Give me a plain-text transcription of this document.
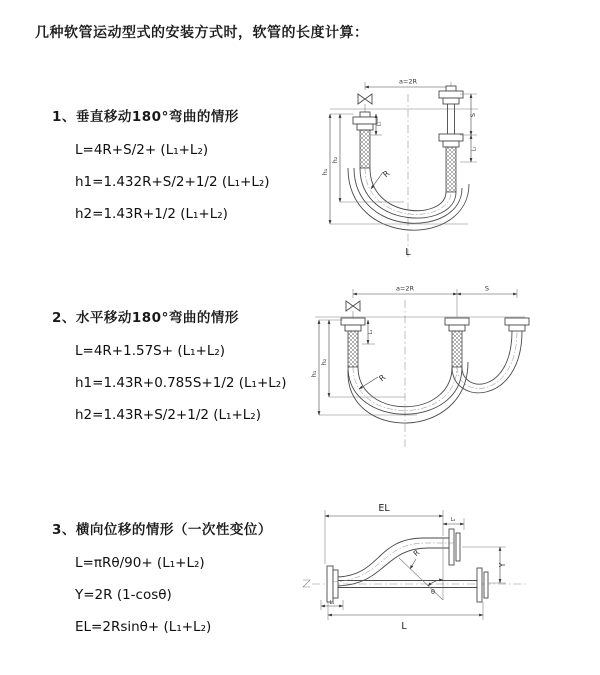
几种软管运动型式的安装方式时，软管的长度计算：
1、垂直移动180°弯曲的情形
L=4R+S/2+ (L₁+L₂)
h1=1.432R+S/2+1/2 (L₁+L₂)
h2=1.43R+1/2 (L₁+L₂)
2、水平移动180°弯曲的情形
L=4R+1.57S+ (L₁+L₂)
h1=1.43R+0.785S+1/2 (L₁+L₂)
h2=1.43R+S/2+1/2 (L₁+L₂)
3、横向位移的情形（一次性变位）
L=πRθ/90+ (L₁+L₂)
Y=2R (1-cosθ)
EL=2Rsinθ+ (L₁+L₂)
a=2R
h₁
h₂
L₁
S
L₂
R
L
a=2R	S
L₁
h₁
h₂
R
EL
L₂
R
θ
Y
L₁
L
